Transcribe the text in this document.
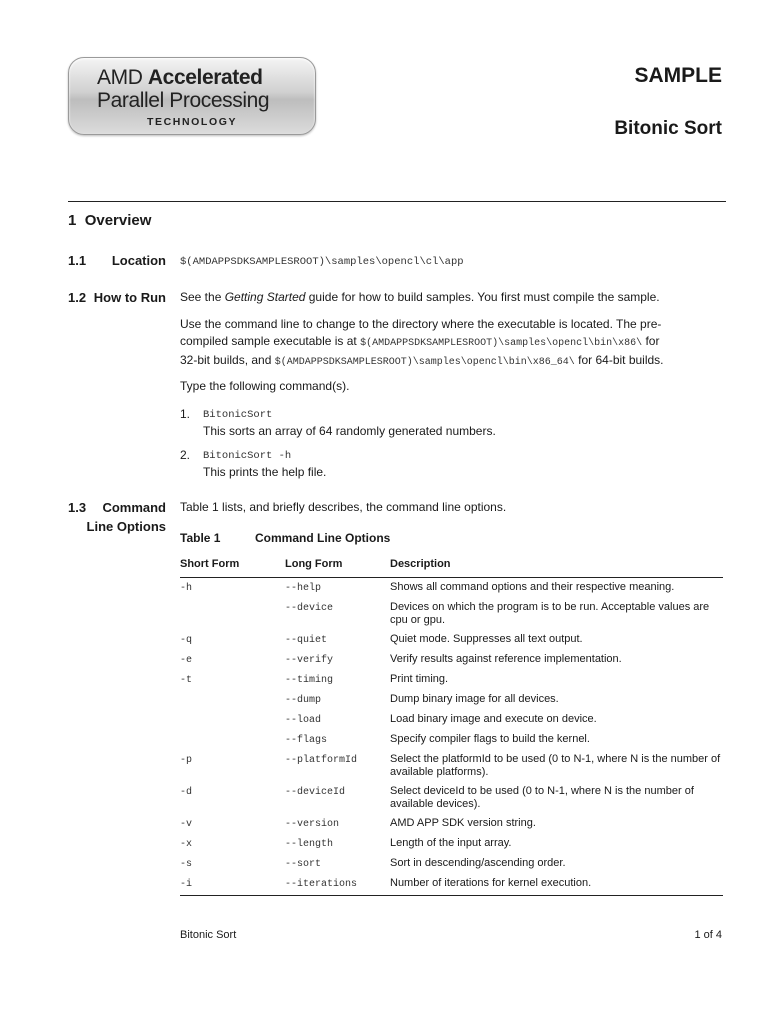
AMD Accelerated
Parallel Processing
TECHNOLOGY
SAMPLE
Bitonic Sort
1 Overview
1.1 Location $(AMDAPPSDKSAMPLESROOT)\samples\opencl\cl\app
1.2 How to Run See the Getting Started guide for how to build samples. You first must compile the sample.
Use the command line to change to the directory where the executable is located. The pre-
compiled sample executable is at $(AMDAPPSDKSAMPLESROOT)\samples\opencl\bin\x86\ for
32-bit builds, and $(AMDAPPSDKSAMPLESROOT)\samples\opencl\bin\x86_64\ for 64-bit builds.
Type the following command(s).
1. BitonicSort
This sorts an array of 64 randomly generated numbers.
2. BitonicSort -h
This prints the help file.
1.3 Command
Line Options
Table 1 lists, and briefly describes, the command line options.
Table 1	Command Line Options
Short Form	Long Form	Description
-h	--help	Shows all command options and their respective meaning.
	--device	Devices on which the program is to be run. Acceptable values are cpu or gpu.
-q	--quiet	Quiet mode. Suppresses all text output.
-e	--verify	Verify results against reference implementation.
-t	--timing	Print timing.
	--dump	Dump binary image for all devices.
	--load	Load binary image and execute on device.
	--flags	Specify compiler flags to build the kernel.
-p	--platformId	Select the platformId to be used (0 to N-1, where N is the number of available platforms).
-d	--deviceId	Select deviceId to be used (0 to N-1, where N is the number of available devices).
-v	--version	AMD APP SDK version string.
-x	--length	Length of the input array.
-s	--sort	Sort in descending/ascending order.
-i	--iterations	Number of iterations for kernel execution.
Bitonic Sort	1 of 4
